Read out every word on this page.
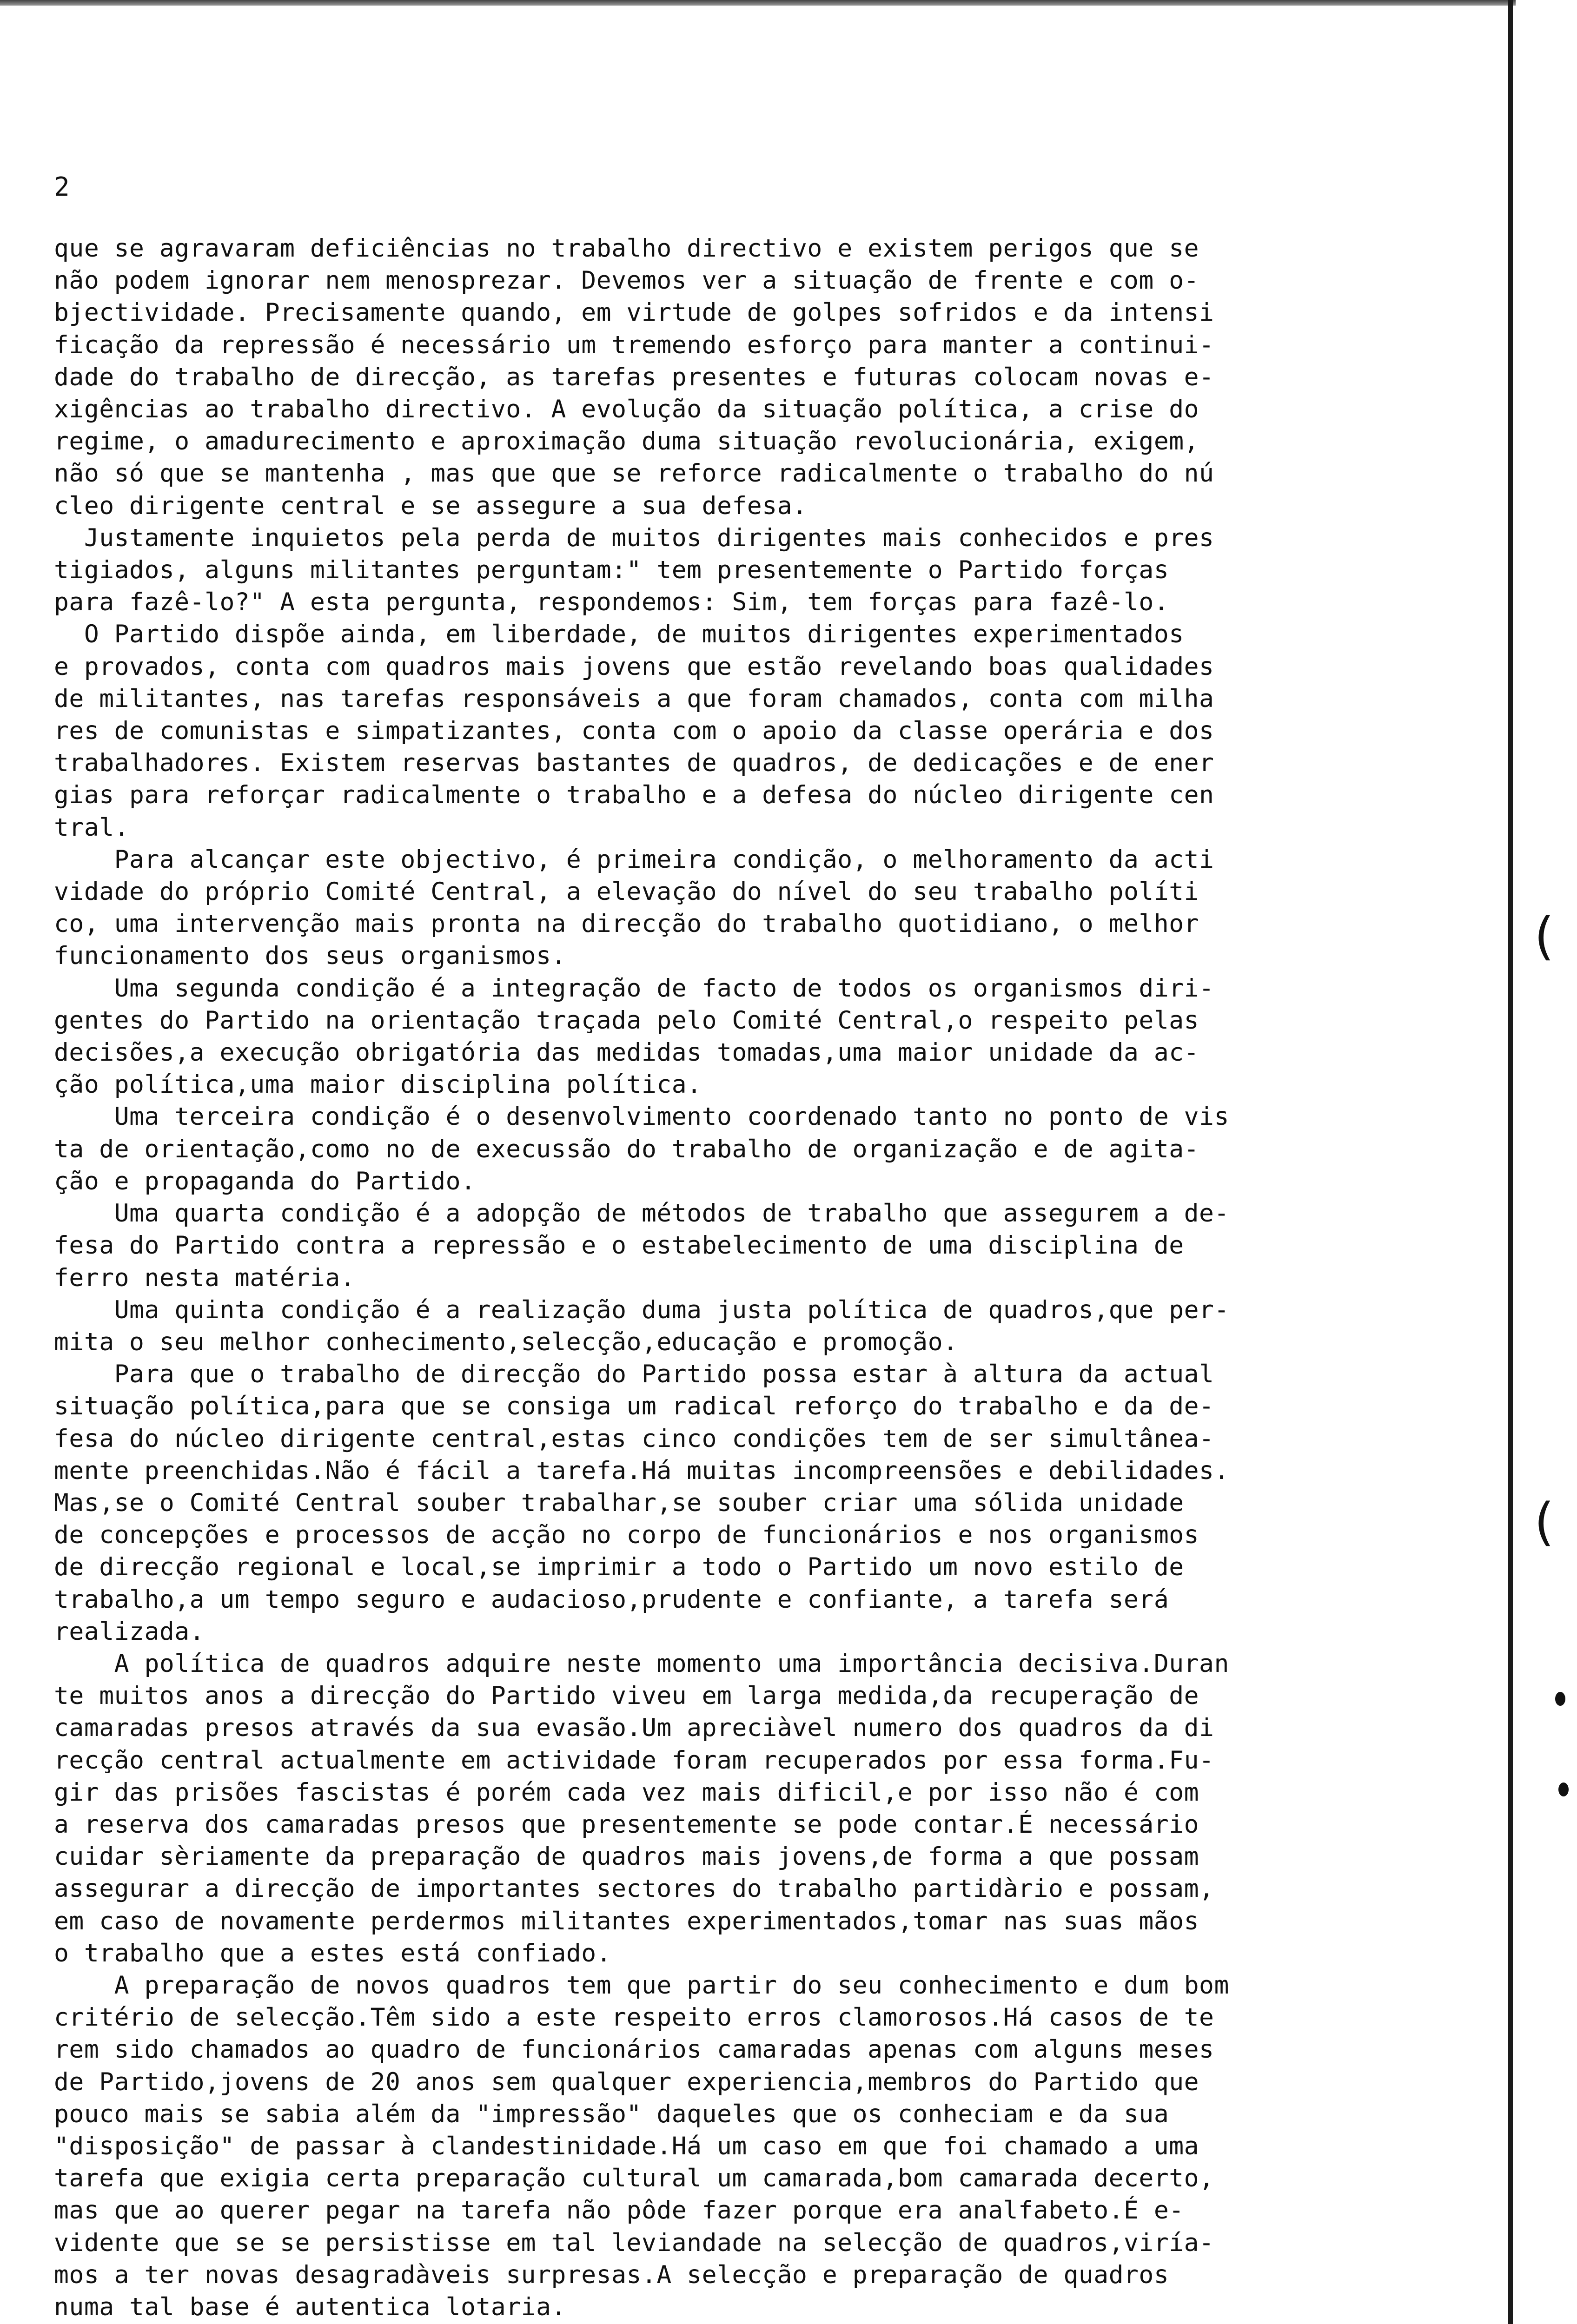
2
que se agravaram deficiências no trabalho directivo e existem perigos que se
não podem ignorar nem menosprezar. Devemos ver a situação de frente e com o-
bjectividade. Precisamente quando, em virtude de golpes sofridos e da intensi
ficação da repressão é necessário um tremendo esforço para manter a continui-
dade do trabalho de direcção, as tarefas presentes e futuras colocam novas e-
xigências ao trabalho directivo. A evolução da situação política, a crise do
regime, o amadurecimento e aproximação duma situação revolucionária, exigem,
não só que se mantenha , mas que que se reforce radicalmente o trabalho do nú
cleo dirigente central e se assegure a sua defesa.
Justamente inquietos pela perda de muitos dirigentes mais conhecidos e pres
tigiados, alguns militantes perguntam:" tem presentemente o Partido forças
para fazê-lo?" A esta pergunta, respondemos: Sim, tem forças para fazê-lo.
O Partido dispõe ainda, em liberdade, de muitos dirigentes experimentados
e provados, conta com quadros mais jovens que estão revelando boas qualidades
de militantes, nas tarefas responsáveis a que foram chamados, conta com milha
res de comunistas e simpatizantes, conta com o apoio da classe operária e dos
trabalhadores. Existem reservas bastantes de quadros, de dedicações e de ener
gias para reforçar radicalmente o trabalho e a defesa do núcleo dirigente cen
tral.
Para alcançar este objectivo, é primeira condição, o melhoramento da acti
vidade do próprio Comité Central, a elevação do nível do seu trabalho políti
co, uma intervenção mais pronta na direcção do trabalho quotidiano, o melhor
funcionamento dos seus organismos.
Uma segunda condição é a integração de facto de todos os organismos diri-
gentes do Partido na orientação traçada pelo Comité Central,o respeito pelas
decisões,a execução obrigatória das medidas tomadas,uma maior unidade da ac-
ção política,uma maior disciplina política.
Uma terceira condição é o desenvolvimento coordenado tanto no ponto de vis
ta de orientação,como no de execussão do trabalho de organização e de agita-
ção e propaganda do Partido.
Uma quarta condição é a adopção de métodos de trabalho que assegurem a de-
fesa do Partido contra a repressão e o estabelecimento de uma disciplina de
ferro nesta matéria.
Uma quinta condição é a realização duma justa política de quadros,que per-
mita o seu melhor conhecimento,selecção,educação e promoção.
Para que o trabalho de direcção do Partido possa estar à altura da actual
situação política,para que se consiga um radical reforço do trabalho e da de-
fesa do núcleo dirigente central,estas cinco condições tem de ser simultânea-
mente preenchidas.Não é fácil a tarefa.Há muitas incompreensões e debilidades.
Mas,se o Comité Central souber trabalhar,se souber criar uma sólida unidade
de concepções e processos de acção no corpo de funcionários e nos organismos
de direcção regional e local,se imprimir a todo o Partido um novo estilo de
trabalho,a um tempo seguro e audacioso,prudente e confiante, a tarefa será
realizada.
A política de quadros adquire neste momento uma importância decisiva.Duran
te muitos anos a direcção do Partido viveu em larga medida,da recuperação de
camaradas presos através da sua evasão.Um apreciàvel numero dos quadros da di
recção central actualmente em actividade foram recuperados por essa forma.Fu-
gir das prisões fascistas é porém cada vez mais dificil,e por isso não é com
a reserva dos camaradas presos que presentemente se pode contar.É necessário
cuidar sèriamente da preparação de quadros mais jovens,de forma a que possam
assegurar a direcção de importantes sectores do trabalho partidàrio e possam,
em caso de novamente perdermos militantes experimentados,tomar nas suas mãos
o trabalho que a estes está confiado.
A preparação de novos quadros tem que partir do seu conhecimento e dum bom
critério de selecção.Têm sido a este respeito erros clamorosos.Há casos de te
rem sido chamados ao quadro de funcionários camaradas apenas com alguns meses
de Partido,jovens de 20 anos sem qualquer experiencia,membros do Partido que
pouco mais se sabia além da "impressão" daqueles que os conheciam e da sua
"disposição" de passar à clandestinidade.Há um caso em que foi chamado a uma
tarefa que exigia certa preparação cultural um camarada,bom camarada decerto,
mas que ao querer pegar na tarefa não pôde fazer porque era analfabeto.É e-
vidente que se se persistisse em tal leviandade na selecção de quadros,viría-
mos a ter novas desagradàveis surpresas.A selecção e preparação de quadros
numa tal base é autentica lotaria.
(
(
